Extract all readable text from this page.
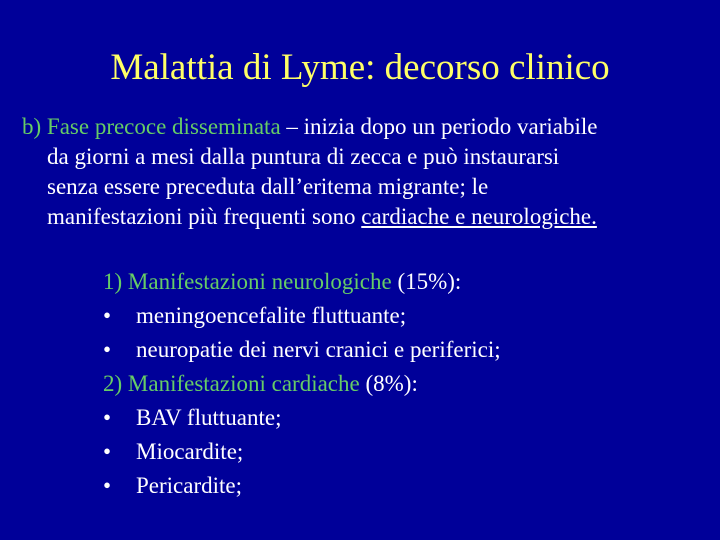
Malattia di Lyme: decorso clinico
b) Fase precoce disseminata – inizia dopo un periodo variabile
da giorni a mesi dalla puntura di zecca e può instaurarsi
senza essere preceduta dall’eritema migrante; le
manifestazioni più frequenti sono cardiache e neurologiche.
1) Manifestazioni neurologiche (15%):
• meningoencefalite fluttuante;
• neuropatie dei nervi cranici e periferici;
2) Manifestazioni cardiache (8%):
• BAV fluttuante;
• Miocardite;
• Pericardite;
